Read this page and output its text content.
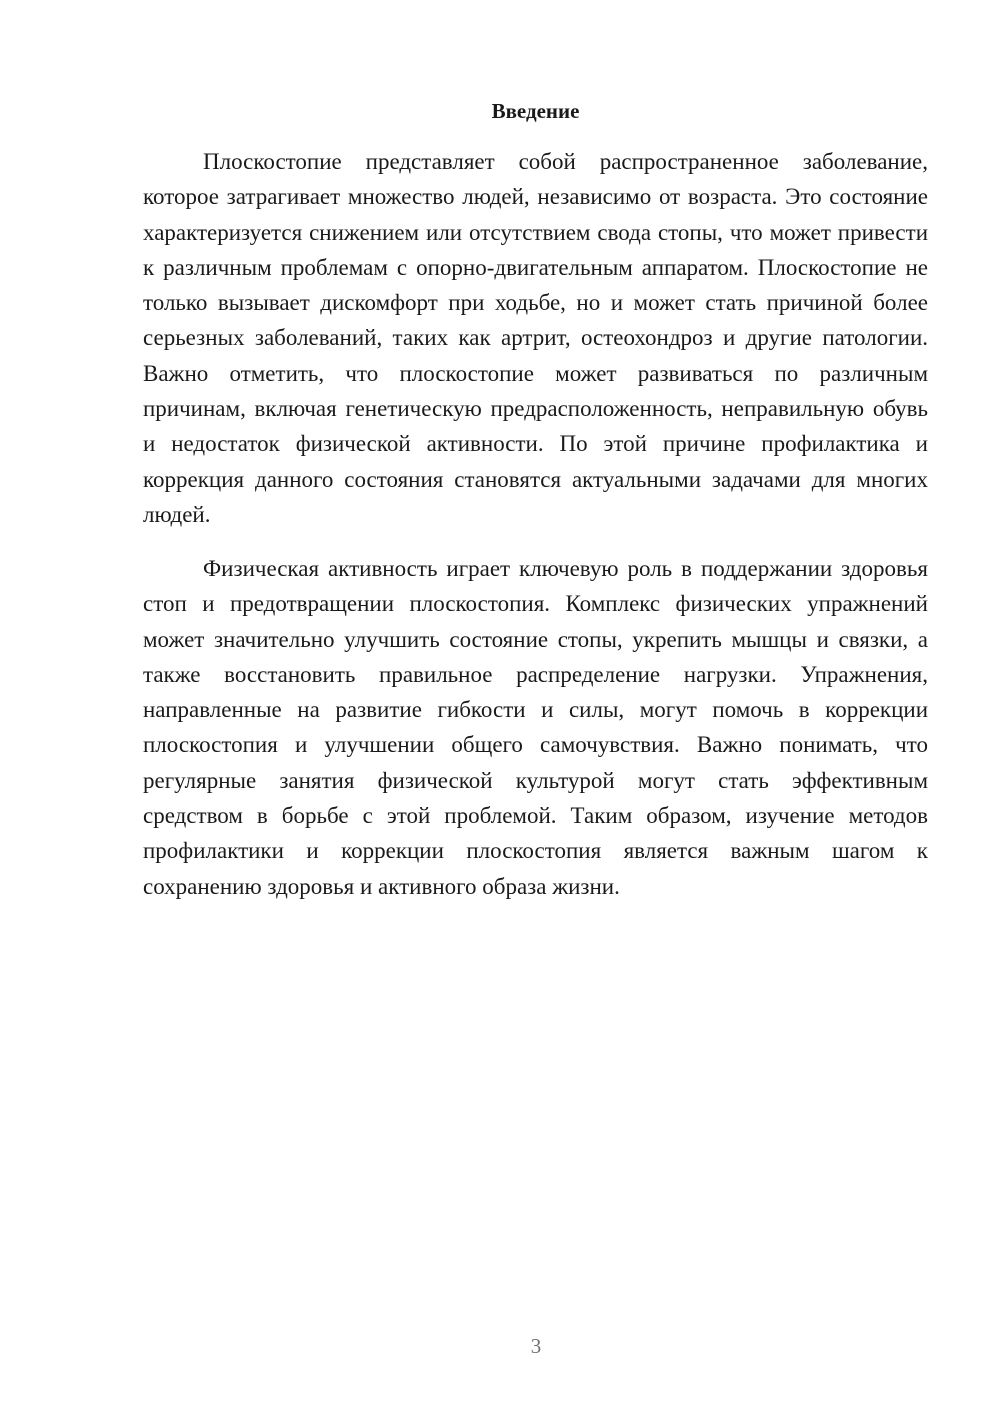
Введение

Плоскостопие представляет собой распространенное заболевание, которое затрагивает множество людей, независимо от возраста. Это состояние характеризуется снижением или отсутствием свода стопы, что может привести к различным проблемам с опорно-двигательным аппаратом. Плоскостопие не только вызывает дискомфорт при ходьбе, но и может стать причиной более серьезных заболеваний, таких как артрит, остеохондроз и другие патологии. Важно отметить, что плоскостопие может развиваться по различным причинам, включая генетическую предрасположенность, неправильную обувь и недостаток физической активности. По этой причине профилактика и коррекция данного состояния становятся актуальными задачами для многих людей.

Физическая активность играет ключевую роль в поддержании здоровья стоп и предотвращении плоскостопия. Комплекс физических упражнений может значительно улучшить состояние стопы, укрепить мышцы и связки, а также восстановить правильное распределение нагрузки. Упражнения, направленные на развитие гибкости и силы, могут помочь в коррекции плоскостопия и улучшении общего самочувствия. Важно понимать, что регулярные занятия физической культурой могут стать эффективным средством в борьбе с этой проблемой. Таким образом, изучение методов профилактики и коррекции плоскостопия является важным шагом к сохранению здоровья и активного образа жизни.

3
